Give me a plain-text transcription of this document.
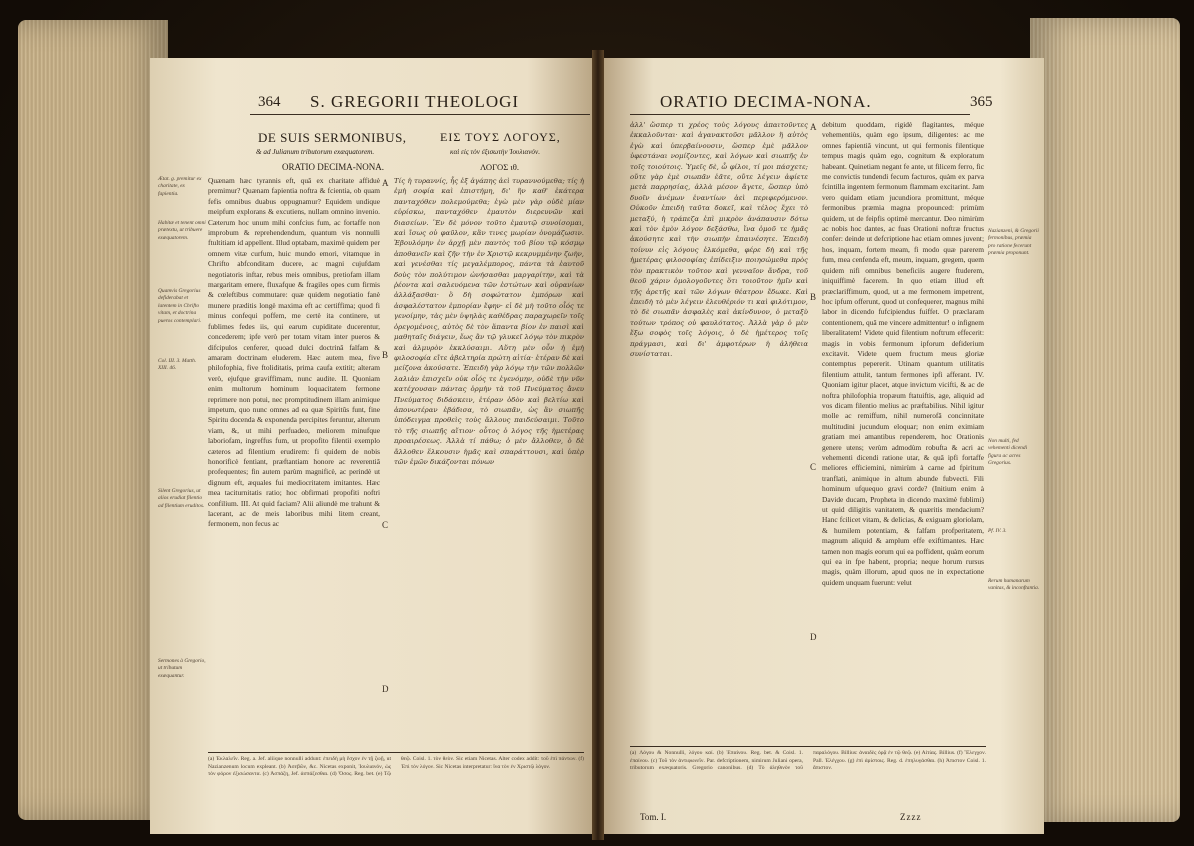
364 S. GREGORII THEOLOGI
DE SUIS SERMONIBUS,	ΕΙΣ ΤΟΥΣ ΛΟΓΟΥΣ,
& ad Julianum tributorum exæquatorem.	καὶ εἰς τὸν ἐξισωτὴν Ἰουλιανόν.
ORATIO DECIMA-NONA.	ΛΟΓΟΣ ιθ.
Ætat. g. premitur ex charitate, ex fapientia.
Habitæ et tenent omni prætextu, ut tribuere exæquatorem.
Quamvis Gregorius defiderabat et latentem in Chrifto vitam, et doctrina pueros contemplari.
Col. III. 3. Matth. XIII. 46.
Silent Gregorius, ut alios erudiat filentio ad filentium eruditos.
Sermones à Gregorio, ut tributum exæquantur.
Quænam hæc tyrannis eft, quâ ex charitate affiduè premimur? Quænam fapientia noftra & fcientia, ob quam fefis omnibus duabus oppugnamur? Equidem undique meipfum explorans & excutiens, nullam omnino invenio. Cæterum hoc unum mihi confcius fum, ac fortaffe non improbum & reprehendendum, quantum vis nonnulli ftultitiam id appellent. Illud optabam, maximè quidem per omnem vitæ curfum, huic mundo emori, vitamque in Chrifto abfconditam ducere, ac magni cujufdam negotiatoris inftar, rebus meis omnibus, pretiofam illam margaritam emere, fluxafque & fragiles opes cum firmis & cœleftibus commutare: quæ quidem negotiatio fanè munere præditis longè maxima eft ac certiffima; quod fi minus confequi poffem, me certè ita continere, ut fublimes fedes iis, qui earum cupiditate ducerentur, concederem; ipfe verò per totam vitam inter pueros & difcipulos cenferer, quoad dulci doctrinâ falfam & amaram doctrinam eluderem. Hæc autem mea, five philofophia, five ftoliditatis, prima caufa extitit; alteram verò, ejufque graviffimam, nunc audite. II. Quoniam enim multorum hominum loquacitatem fermone reprimere non potui, nec promptitudinem illam animique impetum, quo nunc omnes ad ea quæ Spiritûs funt, fine Spiritu docenda & exponenda percipites feruntur, alterum viam, &, ut mihi perfuadeo, meliorem minufque laboriofam, ingreffus fum, ut propofito filentii exemplo cæteros ad filentium erudirem: fi quidem de nobis honorificè fentiant, præftantiam honore ac reverentiâ profequentes; fin autem parùm magnificè, ac perindè ut dignum eft, æquales fui mediocritatem imitantes. Hæc mea taciturnitatis ratio; hoc obfirmati propofiti noftri confilium. III. At quid faciam? Alii aliundè me trahunt & lacerant, ac de meis laboribus mihi litem creant, fermonem, non fecus ac
A
B
C
D
Τίς ἡ τυραννίς, ἧς ἐξ ἀγάπης ἀεὶ τυραννούμεθα; τίς ἡ ἐμὴ σοφία καὶ ἐπιστήμη, δι' ἣν καθ' ἑκάτερα πανταχόθεν πολεμούμεθα; ἐγὼ μὲν γὰρ οὐδὲ μίαν εὑρίσκω, πανταχόθεν ἐμαυτὸν διερευνῶν καὶ διασείων. Ἓν δὲ μόνον τοῦτο ἐμαυτῷ συνοίσομαι, καὶ ἴσως οὐ φαῦλον, κἂν τινες μωρίαν ὀνομάζωσιν. Ἐβουλόμην ἐν ἀρχῇ μὲν παντὸς τοῦ βίου τῷ κόσμῳ ἀποθανεῖν καὶ ζῆν τὴν ἐν Χριστῷ κεκρυμμένην ζωὴν, καὶ γενέσθαι τίς μεγαλέμπορος, πάντα τὰ ἑαυτοῦ δοὺς τὸν πολύτιμον ὠνήσασθαι μαργαρίτην, καὶ τὰ ῥέοντα καὶ σαλευόμενα τῶν ἑστώτων καὶ οὐρανίων ἀλλάξασθαι· ὃ δὴ σοφώτατον ἐμπόρων καὶ ἀσφαλέστατον ἐμπορίαν ἔφην· εἰ δὲ μὴ τοῦτο οἷός τε γενοίμην, τὰς μὲν ὑψηλὰς καθέδρας παραχωρεῖν τοῖς ὀρεγομένοις, αὐτὸς δὲ τὸν ἅπαντα βίον ἐν παισὶ καὶ μαθηταῖς διάγειν, ἕως ἂν τῷ γλυκεῖ λόγῳ τὸν πικρὸν καὶ ἁλμυρὸν ἐκκλύσαιμι. Αὕτη μὲν οὖν ἡ ἐμὴ φιλοσοφία εἴτε ἀβελτηρία πρώτη αἰτία· ἑτέραν δὲ καὶ μείζονα ἀκούσατε. Ἐπειδὴ γὰρ λόγῳ τὴν τῶν πολλῶν λαλιὰν ἐπισχεῖν οὐκ οἷός τε ἐγενόμην, οὐδὲ τὴν νῦν κατέχουσαν πάντας ὁρμὴν τὰ τοῦ Πνεύματος ἄνευ Πνεύματος διδάσκειν, ἑτέραν ὁδὸν καὶ βελτίω καὶ ἀπονωτέραν ἐβάδισα, τὸ σιωπᾶν, ὡς ἂν σιωπῆς ὑπόδειγμα προθεὶς τοὺς ἄλλους παιδεύσαιμι. Τοῦτο τὸ τῆς σιωπῆς αἴτιον· οὗτος ὁ λόγος τῆς ἡμετέρας προαιρέσεως. Ἀλλὰ τί πάθω; ὁ μὲν ἄλλοθεν, ὁ δὲ ἄλλοθεν ἕλκουσιν ἡμᾶς καὶ σπαράττουσι, καὶ ὑπὲρ τῶν ἐμῶν δικάζονται πόνων
(a) Ἐκλαλεῖν. Reg. a. Jef. aliique nonnulli addunt: ἐπειδὴ μὴ ἔσχον ἐν τῇ ζωῇ, ut Nazianzenum locum expleant. (b) Ἀσεβῶν, &c. Nicetas exponit, Ἰουλιανόν, ὡς τὸν φόρον ἐξισώσαντα. (c) Ἀσπάζη, Jef. ἀσπάζεσθαι. (d) Ὅσος. Reg. bet. (e) Τῷ θεῷ. Coisl. 1. τὸν θεὸν. Sic etiam Nicetas. Alter codex addit: τοῦ ἐπὶ πάντων. (f) Ἐπὶ τὸν λόγον. Sic Nicetas interpretatur: ἵνα τὸν ἐν Χριστῷ λόγον.
ORATIO DECIMA-NONA.	365
ἀλλ' ὥσπερ τι χρέος τοὺς λόγους ἀπαιτοῦντες ἐκκαλοῦνται· καὶ ἀγανακτοῦσι μᾶλλον ἢ αὐτὸς ἐγὼ καὶ ὑπερβαίνουσιν, ὥσπερ ἐμὲ μᾶλλον ὑφεστάναι νομίζοντες, καὶ λόγων καὶ σιωπῆς ἐν τοῖς τοιούτοις. Ὑμεῖς δὲ, ὦ φίλοι, τί μοι πάσχετε; οὔτε γὰρ ἐμὲ σιωπᾶν ἐᾶτε, οὔτε λέγειν ἀφίετε μετὰ παρρησίας, ἀλλὰ μέσον ἄγετε, ὥσπερ ὑπὸ δυοῖν ἀνέμων ἐναντίων ἀεὶ περιφερόμενον. Οὐκοῦν ἐπειδὴ ταῦτα δοκεῖ, καὶ τέλος ἔχει τὸ μεταξύ, ἡ τράπεζα ἐπὶ μικρὸν ἀνάπαυσιν δότω καὶ τὸν ἐμὸν λόγον δεξάσθω, ἵνα ὁμοῦ τε ἡμᾶς ἀκούσητε καὶ τὴν σιωπὴν ἐπαινέσητε. Ἐπειδὴ τοίνυν εἰς λόγους ἑλκόμεθα, φέρε δὴ καὶ τῆς ἡμετέρας φιλοσοφίας ἐπίδειξιν ποιησώμεθα πρὸς τὸν πρακτικὸν τοῦτον καὶ γενναῖον ἄνδρα, τοῦ θεοῦ χάριν ὁμολογοῦντες ὅτι τοιοῦτον ἡμῖν καὶ τῆς ἀρετῆς καὶ τῶν λόγων θέατρον ἔδωκε. Καὶ ἐπειδὴ τὸ μὲν λέγειν ἐλευθέριόν τι καὶ φιλότιμον, τὸ δὲ σιωπᾶν ἀσφαλὲς καὶ ἀκίνδυνον, ὁ μεταξὺ τούτων τρόπος οὐ φαυλότατος. Ἀλλὰ γὰρ ὁ μὲν ἔξω σοφὸς τοῖς λόγοις, ὁ δὲ ἡμέτερος τοῖς πράγμασι, καὶ δι' ἀμφοτέρων ἡ ἀλήθεια συνίσταται.
A
B
C
D
debitum quoddam, rigidè flagitantes, méque vehementiùs, quàm ego ipsum, diligentes: ac me omnes fapientiâ vincunt, ut qui fermonis filentique tempus magis quàm ego, cognitum & exploratum habeant. Quinetiam negant fe ante, ut filicem ferro, fic me convictis tundendi fecum facturos, quàm ex parva fcintilla ingentem fermonum flammam excitarint. Jam vero quidam etiam jucundiora promittunt, méque fermonibus præmia magna propounced: primùm quidem, ut de feipfis optimè mercantur. Deo nimirùm ac nobis hoc dantes, ac fuas Orationi noftræ fructus confer: deinde ut defcriptione hac etiam omnes juvent; hos, inquam, fortem meam, fi modo quæ parerem fum, mea cenfenda eft, meum, inquam, gregem, quem quidem nifi omnibus beneficiis augere ftuderem, iniquiffimè facerem. In quo etiam illud eft præclariffimum, quod, ut a me fermonem impetrent, hoc ipfum offerunt, quod ut confequerer, magnus mihi labor in dicendo fufcipiendus fuiffet. O præclaram contentionem, quâ me vincere admittentur! o infignem liberalitatem! Videte quid filentium noftrum effecerit: magis in vobis fermonum ipforum defiderium excitavit. Videte quem fructum meus gloriæ contemptus pepererit. Utinam quantum utilitatis filentium attulit, tantum fermones ipfi afferant. IV. Quoniam igitur placet, atque invictum vicifti, & ac de noftra philofophia tropæum ftatuiftis, age, aliquid ad vos dicam filentio melius ac præftabilius. Nihil igitur molle ac remiffum, nihil numerofâ concinnitate multitudini jucundum eloquar; non enim eximiam gratiam mei amantibus rependerem, hoc Orationis genere utens; verùm admodùm robufta & acri ac vehementi dicendi ratione utar, & quâ ipfi fortaffe meliores efficiemini, nimirùm à carne ad fpiritum tranflati, animique in altum abunde fubvecti. Fili hominum ufquequo gravi corde? (Initium enim à Davide ducam, Propheta in dicendo maximè fublimi) ut quid diligitis vanitatem, & quæritis mendacium? Hanc fcilicet vitam, & delicias, & exiguam gloriolam, & humilem potentiam, & falfam profperitatem, magnum aliquid & amplum effe exiftimantes. Hæc tamen non magis eorum qui ea poffident, quàm eorum qui ea in fpe habent, propria; neque horum rursus magis, quàm illorum, apud quos ne in expectatione quidem unquam fuerunt: velut
Nazianzeni, & Gregorii fermonibus, præmia pro ratione fecerunt præmia proponunt.
Non multi, fed vehementi dicendi figura ac acres Gregorius.
Pf. IV. 3.
Rerum humanarum vanitas, & inconftantia.
(a) Λόγου & Nonnulli, λόγου καί. (b) Ἐπαίνου. Reg. bet. & Coisl. 1. ἐπαίνου. (c) Τοῦ τὸν ἀντιφωνεῖν. Par. defcriptionem, nimirum Juliani opera, tributorum exæquatoris. Gregorio canonibus. (d) Τὸ ἀληθινὸν τοῦ παραλόγου. Billius: ἀναιδὲς ὁρᾷ ἐν τῷ θεῷ. (e) Αἰτίας. Billius. (f) Ἔλεγχον. Pall. Ἐλέγχου. (g) ἐπὶ ἀρίστοις. Reg. d. ἐπηλυγάσθαι. (h) Ἀπιστον Coisl. 1. ἄπιστον.
Tom. I.	Zzzz
